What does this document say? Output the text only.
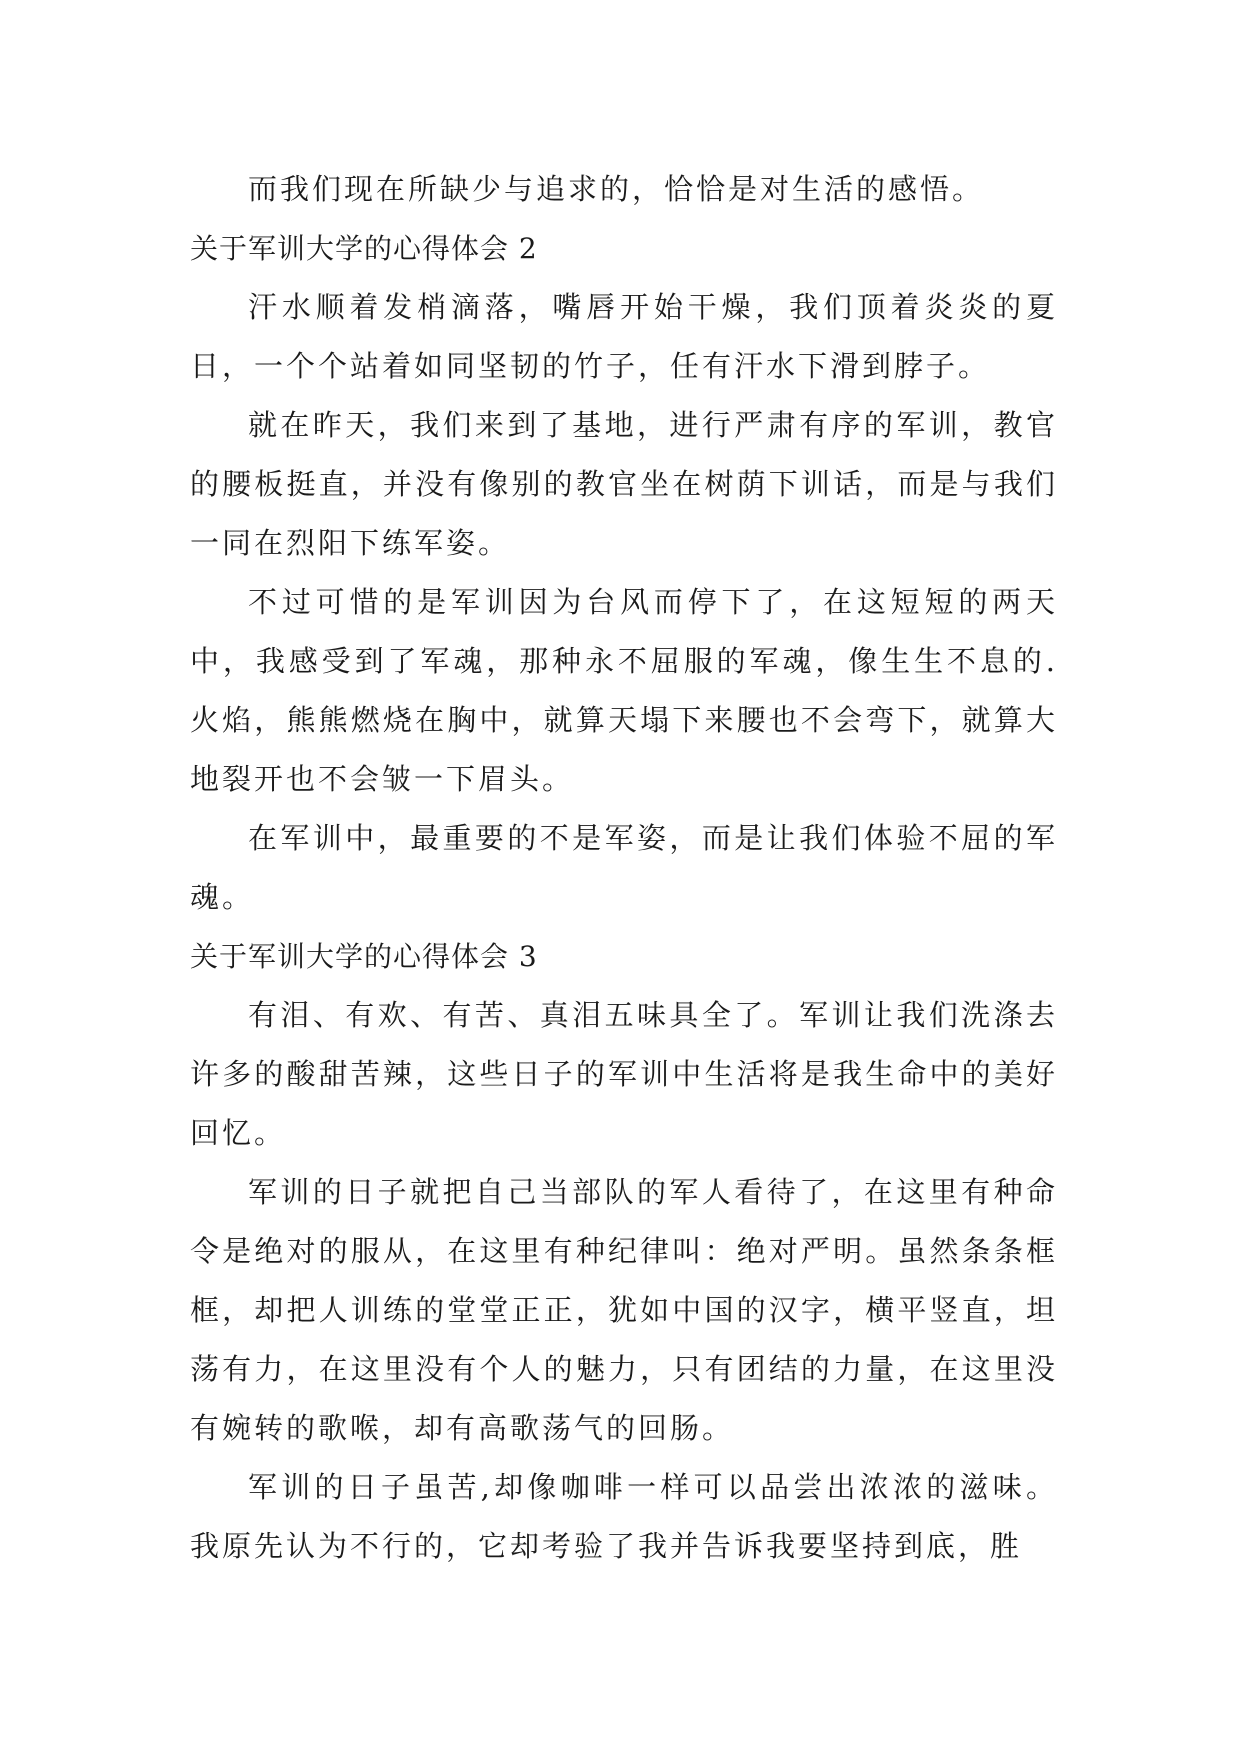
而我们现在所缺少与追求的，恰恰是对生活的感悟。

关于军训大学的心得体会 2

汗水顺着发梢滴落，嘴唇开始干燥，我们顶着炎炎的夏日，一个个站着如同坚韧的竹子，任有汗水下滑到脖子。

就在昨天，我们来到了基地，进行严肃有序的军训，教官的腰板挺直，并没有像别的教官坐在树荫下训话，而是与我们一同在烈阳下练军姿。

不过可惜的是军训因为台风而停下了，在这短短的两天中，我感受到了军魂，那种永不屈服的军魂，像生生不息的.火焰，熊熊燃烧在胸中，就算天塌下来腰也不会弯下，就算大地裂开也不会皱一下眉头。

在军训中，最重要的不是军姿，而是让我们体验不屈的军魂。

关于军训大学的心得体会 3

有泪、有欢、有苦、真泪五味具全了。军训让我们洗涤去许多的酸甜苦辣，这些日子的军训中生活将是我生命中的美好回忆。

军训的日子就把自己当部队的军人看待了，在这里有种命令是绝对的服从，在这里有种纪律叫：绝对严明。虽然条条框框，却把人训练的堂堂正正，犹如中国的汉字，横平竖直，坦荡有力，在这里没有个人的魅力，只有团结的力量，在这里没有婉转的歌喉，却有高歌荡气的回肠。

军训的日子虽苦,却像咖啡一样可以品尝出浓浓的滋味。我原先认为不行的，它却考验了我并告诉我要坚持到底，胜
